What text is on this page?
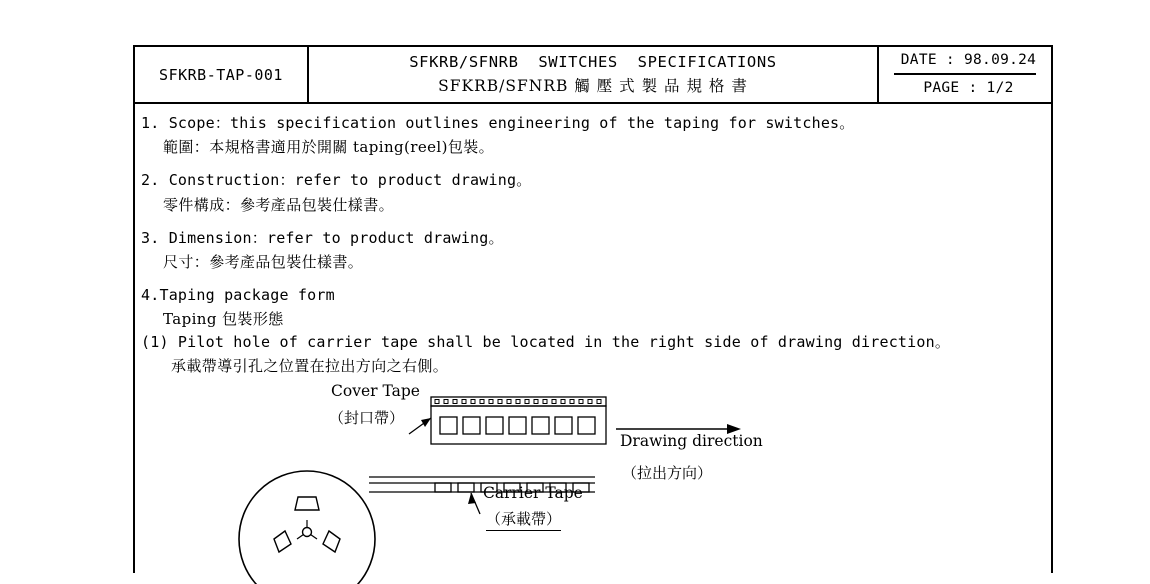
SFKRB-TAP-001
SFKRB/SFNRB  SWITCHES  SPECIFICATIONS
SFKRB/SFNRB 觸 壓 式 製 品 規 格 書
DATE : 98.09.24
PAGE : 1/2
1. Scope：this specification outlines engineering of the taping for switches。
範圍：本規格書適用於開關 taping(reel)包裝。
2. Construction：refer to product drawing。
零件構成：參考產品包裝仕樣書。
3. Dimension：refer to product drawing。
尺寸：參考產品包裝仕樣書。
4.Taping package form
Taping 包裝形態
(1) Pilot hole of carrier tape shall be located in the right side of drawing direction。
承載帶導引孔之位置在拉出方向之右側。
Cover Tape
（封口帶）
Drawing direction
（拉出方向）
Carrier Tape
（承載帶）
